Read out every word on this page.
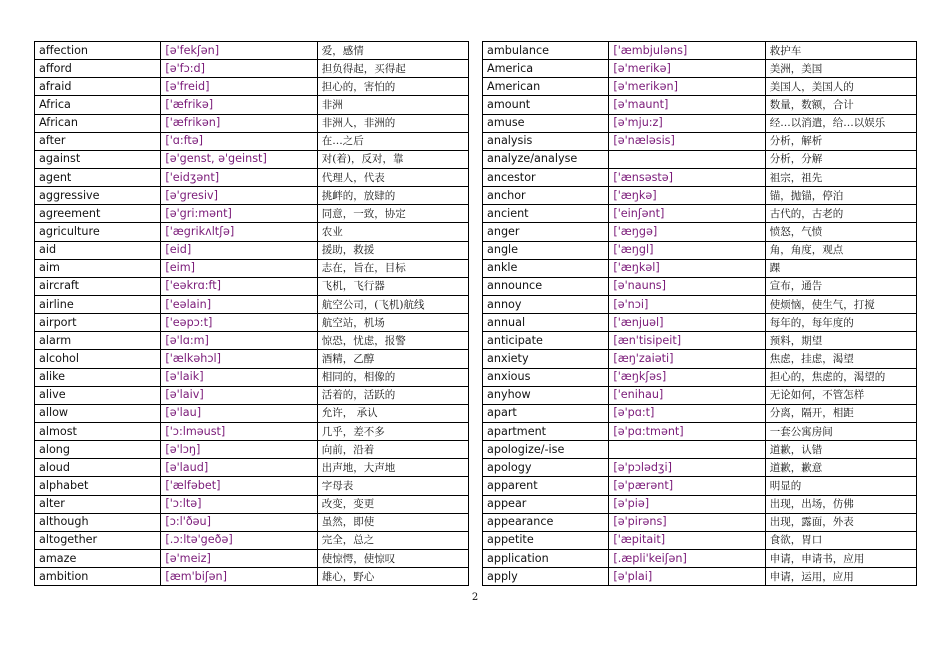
affection	[ə'fekʃən]	爱，感情
afford	[ə'fɔ:d]	担负得起，买得起
afraid	[ə'freid]	担心的，害怕的
Africa	['æfrikə]	非洲
African	['æfrikən]	非洲人，非洲的
after	['ɑ:ftə]	在…之后
against	[ə'genst, ə'geinst]	对(着)，反对，靠
agent	['eidʒənt]	代理人，代表
aggressive	[ə'gresiv]	挑衅的，放肆的
agreement	[ə'gri:mənt]	同意，一致，协定
agriculture	['ægrikʌltʃə]	农业
aid	[eid]	援助，救援
aim	[eim]	志在，旨在，目标
aircraft	['eəkrɑ:ft]	飞机，飞行器
airline	['eəlain]	航空公司，(飞机)航线
airport	['eəpɔ:t]	航空站，机场
alarm	[ə'lɑ:m]	惊恐，忧虑，报警
alcohol	['ælkəhɔl]	酒精，乙醇
alike	[ə'laik]	相同的，相像的
alive	[ə'laiv]	活着的，活跃的
allow	[ə'lau]	允许， 承认
almost	['ɔ:lməust]	几乎，差不多
along	[ə'lɔŋ]	向前，沿着
aloud	[ə'laud]	出声地，大声地
alphabet	['ælfəbet]	字母表
alter	['ɔ:ltə]	改变，变更
although	[ɔ:l'ðəu]	虽然，即使
altogether	[.ɔ:ltə'geðə]	完全，总之
amaze	[ə'meiz]	使惊愕，使惊叹
ambition	[æm'biʃən]	雄心，野心
ambulance	['æmbjuləns]	救护车
America	[ə'merikə]	美洲，美国
American	[ə'merikən]	美国人，美国人的
amount	[ə'maunt]	数量，数额，合计
amuse	[ə'mju:z]	经…以消遣，给…以娱乐
analysis	[ə'næləsis]	分析，解析
analyze/analyse		分析，分解
ancestor	['ænsəstə]	祖宗，祖先
anchor	['æŋkə]	锚，抛锚，停泊
ancient	['einʃənt]	古代的，古老的
anger	['æŋgə]	愤怒，气愤
angle	['æŋgl]	角，角度，观点
ankle	['æŋkəl]	踝
announce	[ə'nauns]	宣布，通告
annoy	[ə'nɔi]	使烦恼，使生气，打搅
annual	['ænjuəl]	每年的，每年度的
anticipate	[æn'tisipeit]	预料，期望
anxiety	[æŋ'zaiəti]	焦虑，挂虑，渴望
anxious	['æŋkʃəs]	担心的，焦虑的，渴望的
anyhow	['enihau]	无论如何，不管怎样
apart	[ə'pɑ:t]	分离，隔开，相距
apartment	[ə'pɑ:tmənt]	一套公寓房间
apologize/-ise		道歉，认错
apology	[ə'pɔlədʒi]	道歉，歉意
apparent	[ə'pærənt]	明显的
appear	[ə'piə]	出现，出场，仿佛
appearance	[ə'pirəns]	出现，露面，外表
appetite	['æpitait]	食欲，胃口
application	[.æpli'keiʃən]	申请，申请书，应用
apply	[ə'plai]	申请，运用，应用
2
